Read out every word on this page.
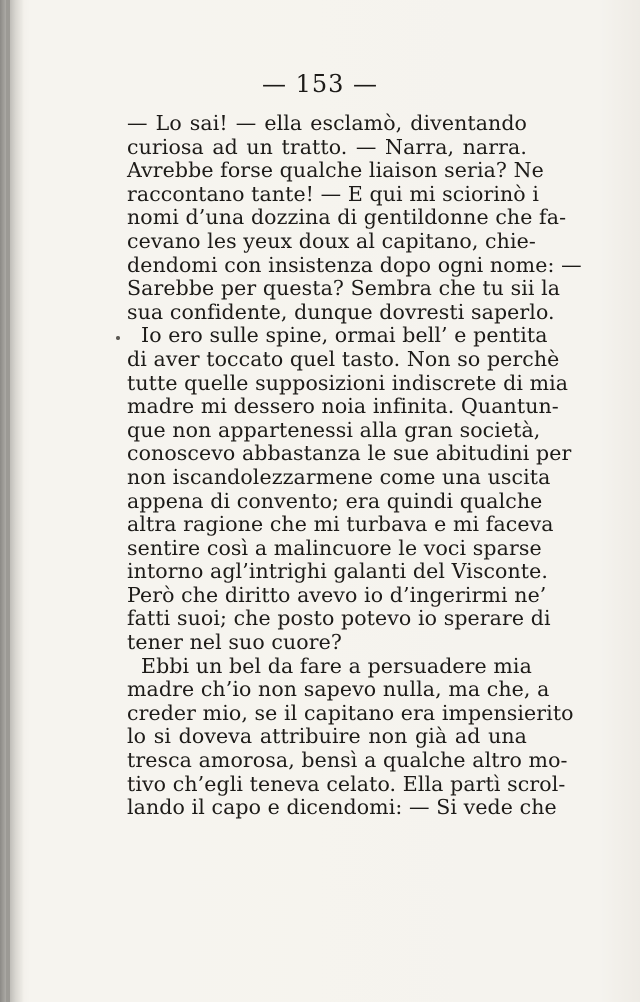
— 153 —
— Lo sai! — ella esclamò, diventando
curiosa ad un tratto. — Narra, narra.
Avrebbe forse qualche liaison seria? Ne
raccontano tante! — E qui mi sciorinò i
nomi d’una dozzina di gentildonne che fa-
cevano les yeux doux al capitano, chie-
dendomi con insistenza dopo ogni nome: —
Sarebbe per questa? Sembra che tu sii la
sua confidente, dunque dovresti saperlo.
Io ero sulle spine, ormai bell’ e pentita
di aver toccato quel tasto. Non so perchè
tutte quelle supposizioni indiscrete di mia
madre mi dessero noia infinita. Quantun-
que non appartenessi alla gran società,
conoscevo abbastanza le sue abitudini per
non iscandolezzarmene come una uscita
appena di convento; era quindi qualche
altra ragione che mi turbava e mi faceva
sentire così a malincuore le voci sparse
intorno agl’intrighi galanti del Visconte.
Però che diritto avevo io d’ingerirmi ne’
fatti suoi; che posto potevo io sperare di
tener nel suo cuore?
Ebbi un bel da fare a persuadere mia
madre ch’io non sapevo nulla, ma che, a
creder mio, se il capitano era impensierito
lo si doveva attribuire non già ad una
tresca amorosa, bensì a qualche altro mo-
tivo ch’egli teneva celato. Ella partì scrol-
lando il capo e dicendomi: — Si vede che
